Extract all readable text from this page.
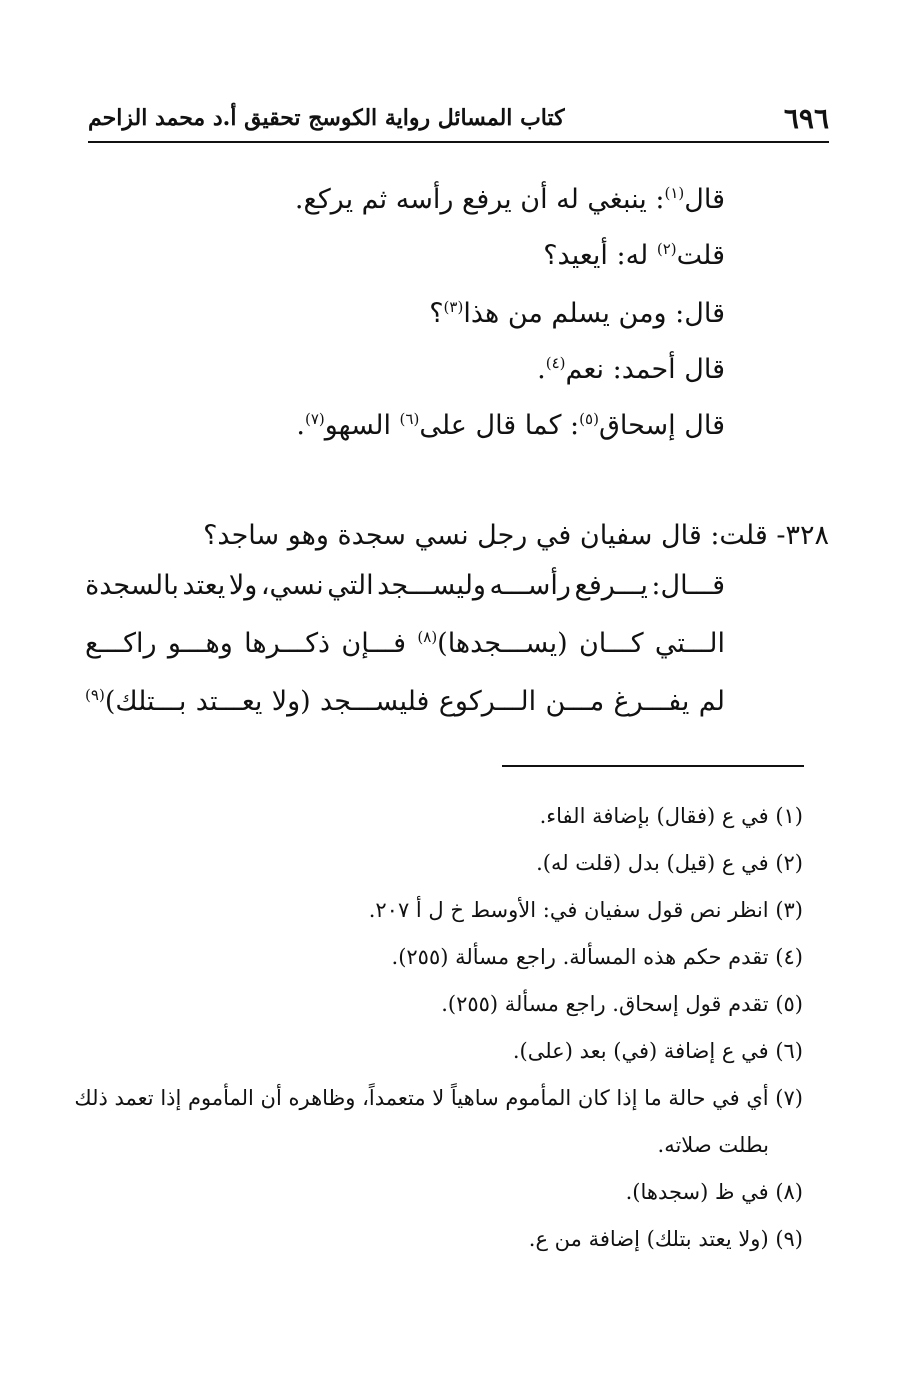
٦٩٦
كتاب المسائل رواية الكوسج تحقيق أ.د محمد الزاحم
قال$^{(١)}$: ينبغي له أن يرفع رأسه ثم يركع.
قلت$^{(٢)}$ له: أيعيد؟
قال: ومن يسلم من هذا$^{(٣)}$؟
قال أحمد: نعم$^{(٤)}$.
قال إسحاق$^{(٥)}$: كما قال على$^{(٦)}$ السهو$^{(٧)}$.
٣٢٨- قلت: قال سفيان في رجل نسي سجدة وهو ساجد؟
قـــال:
يـــرفع
رأســـه
وليســـجد
التي
نسي،
ولا
يعتد
بالسجدة
الـــتي
كـــان
(يســـجدها)$^{(٨)}$
فـــإن
ذكـــرها
وهـــو
راكـــع
لم
يفـــرغ
مـــن
الـــركوع
فليســـجد
(ولا
يعـــتد
بـــتلك)$^{(٩)}$
(١) في ع (فقال) بإضافة الفاء.
(٢) في ع (قيل) بدل (قلت له).
(٣) انظر نص قول سفيان في: الأوسط خ ل أ ٢٠٧.
(٤) تقدم حكم هذه المسألة. راجع مسألة (٢٥٥).
(٥) تقدم قول إسحاق. راجع مسألة (٢٥٥).
(٦) في ع إضافة (في) بعد (على).
(٧) أي في حالة ما إذا كان المأموم ساهياً لا متعمداً، وظاهره أن المأموم إذا تعمد ذلك
بطلت صلاته.
(٨) في ظ (سجدها).
(٩) (ولا يعتد بتلك) إضافة من ع.
